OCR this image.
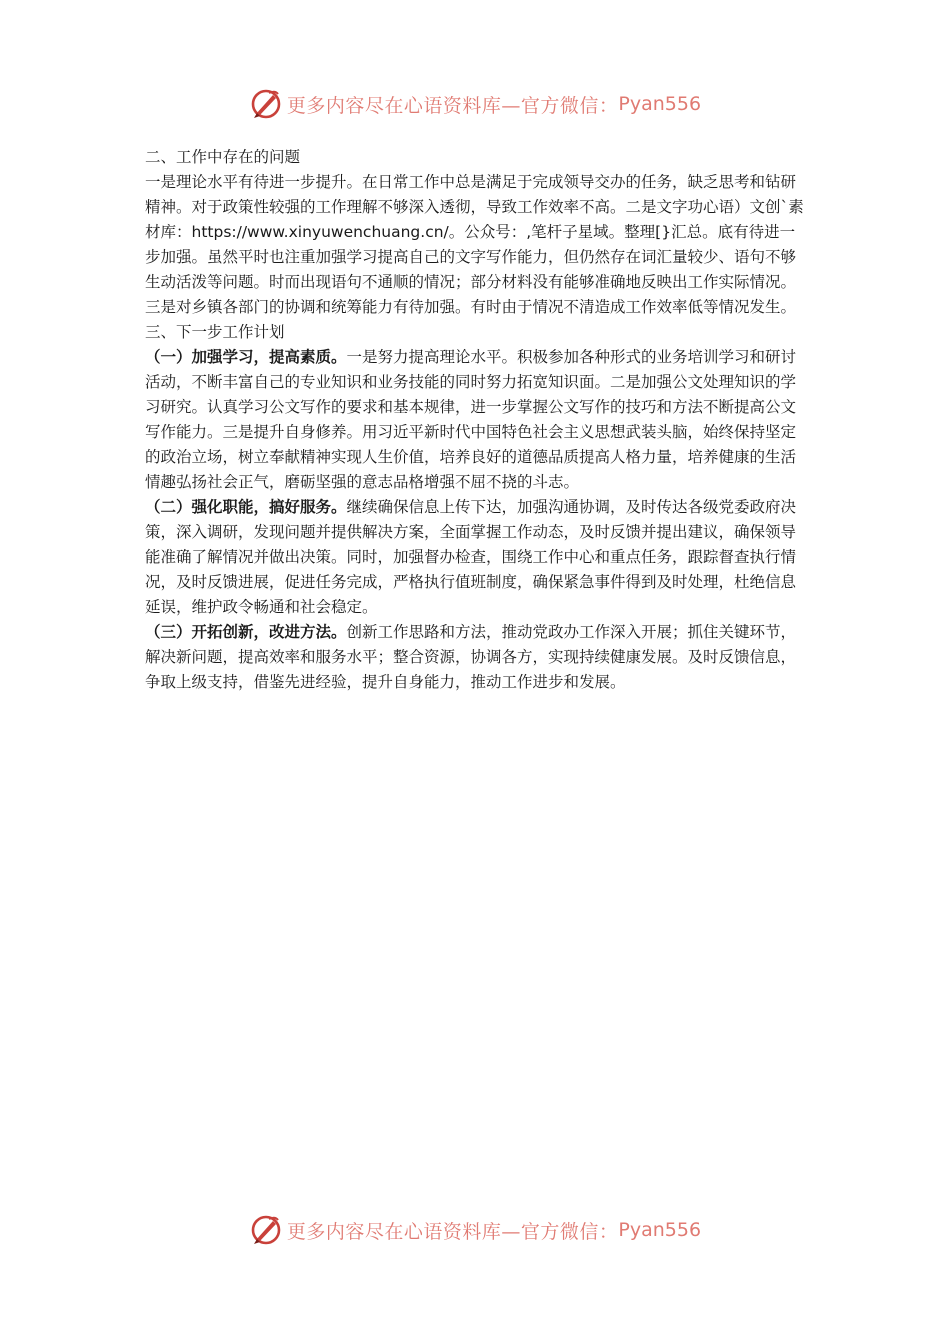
更多内容尽在心语资料库—官方微信： Pyan556

二、工作中存在的问题

一是理论水平有待进一步提升。在日常工作中总是满足于完成领导交办的任务，缺乏思考和钻研精神。对于政策性较强的工作理解不够深入透彻，导致工作效率不高。二是文字功心语）文创`素材库：https://www.xinyuwenchuang.cn/。公众号：,笔杆子星域。整理[}汇总。底有待进一步加强。虽然平时也注重加强学习提高自己的文字写作能力，但仍然存在词汇量较少、语句不够生动活泼等问题。时而出现语句不通顺的情况；部分材料没有能够准确地反映出工作实际情况。三是对乡镇各部门的协调和统筹能力有待加强。有时由于情况不清造成工作效率低等情况发生。

三、下一步工作计划

（一）加强学习，提高素质。一是努力提高理论水平。积极参加各种形式的业务培训学习和研讨活动，不断丰富自己的专业知识和业务技能的同时努力拓宽知识面。二是加强公文处理知识的学习研究。认真学习公文写作的要求和基本规律，进一步掌握公文写作的技巧和方法不断提高公文写作能力。三是提升自身修养。用习近平新时代中国特色社会主义思想武装头脑，始终保持坚定的政治立场，树立奉献精神实现人生价值，培养良好的道德品质提高人格力量，培养健康的生活情趣弘扬社会正气，磨砺坚强的意志品格增强不屈不挠的斗志。

（二）强化职能，搞好服务。继续确保信息上传下达，加强沟通协调，及时传达各级党委政府决策，深入调研，发现问题并提供解决方案，全面掌握工作动态，及时反馈并提出建议，确保领导能准确了解情况并做出决策。同时，加强督办检查，围绕工作中心和重点任务，跟踪督查执行情况，及时反馈进展，促进任务完成，严格执行值班制度，确保紧急事件得到及时处理，杜绝信息延误，维护政令畅通和社会稳定。

（三）开拓创新，改进方法。创新工作思路和方法，推动党政办工作深入开展；抓住关键环节，解决新问题，提高效率和服务水平；整合资源，协调各方，实现持续健康发展。及时反馈信息，争取上级支持，借鉴先进经验，提升自身能力，推动工作进步和发展。

更多内容尽在心语资料库—官方微信： Pyan556
